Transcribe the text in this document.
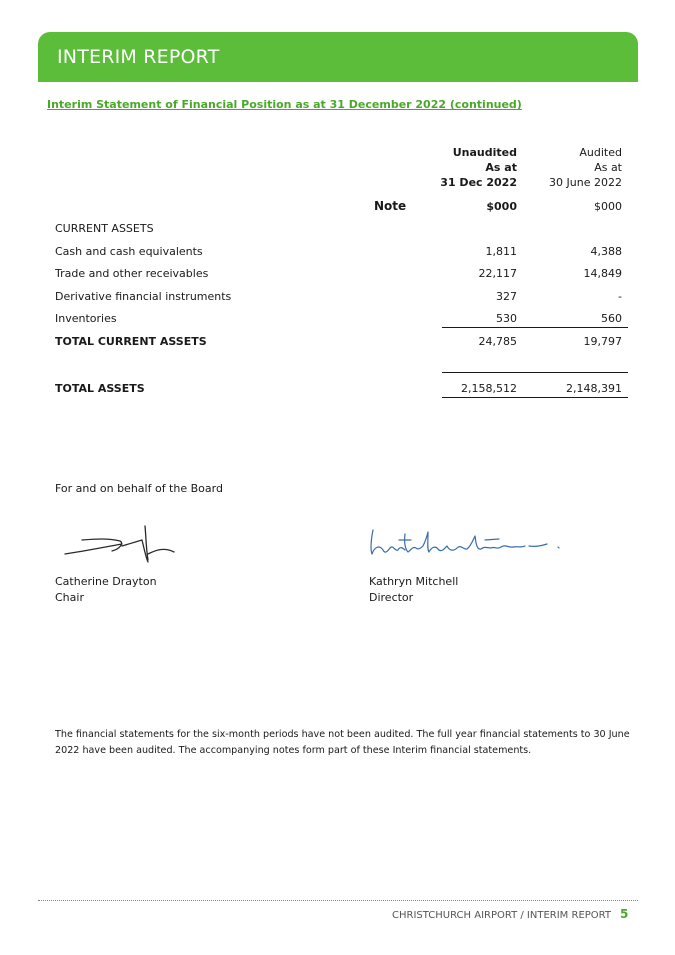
INTERIM REPORT
Interim Statement of Financial Position as at 31 December 2022 (continued)
Unaudited
As at
31 Dec 2022
Audited
As at
30 June 2022
Note	$000	$000
CURRENT ASSETS
Cash and cash equivalents	1,811	4,388
Trade and other receivables	22,117	14,849
Derivative financial instruments	327	-
Inventories	530	560
TOTAL CURRENT ASSETS	24,785	19,797
TOTAL ASSETS	2,158,512	2,148,391
For and on behalf of the Board
Catherine Drayton
Chair
Kathryn Mitchell
Director
The financial statements for the six-month periods have not been audited. The full year financial statements to 30 June 2022 have been audited. The accompanying notes form part of these Interim financial statements.
CHRISTCHURCH AIRPORT / INTERIM REPORT 5
